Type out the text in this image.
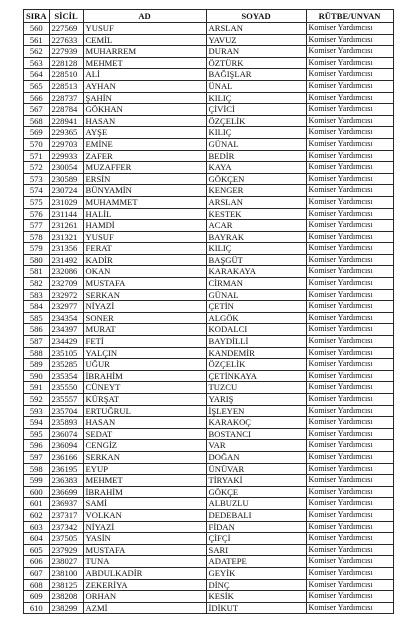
SIRA	SİCİL	AD	SOYAD	RÜTBE/UNVAN
560	227569	YUSUF	ARSLAN	Komiser Yardımcısı
561	227633	CEMİL	YAVUZ	Komiser Yardımcısı
562	227939	MUHARREM	DURAN	Komiser Yardımcısı
563	228128	MEHMET	ÖZTÜRK	Komiser Yardımcısı
564	228510	ALİ	BAĞIŞLAR	Komiser Yardımcısı
565	228513	AYHAN	ÜNAL	Komiser Yardımcısı
566	228737	ŞAHİN	KILIÇ	Komiser Yardımcısı
567	228784	GÖKHAN	ÇİVİCİ	Komiser Yardımcısı
568	228941	HASAN	ÖZÇELİK	Komiser Yardımcısı
569	229365	AYŞE	KILIÇ	Komiser Yardımcısı
570	229703	EMİNE	GÜNAL	Komiser Yardımcısı
571	229933	ZAFER	BEDİR	Komiser Yardımcısı
572	230054	MUZAFFER	KAYA	Komiser Yardımcısı
573	230589	ERSİN	GÖKÇEN	Komiser Yardımcısı
574	230724	BÜNYAMİN	KENGER	Komiser Yardımcısı
575	231029	MUHAMMET	ARSLAN	Komiser Yardımcısı
576	231144	HALİL	KESTEK	Komiser Yardımcısı
577	231261	HAMDİ	ACAR	Komiser Yardımcısı
578	231321	YUSUF	BAYRAK	Komiser Yardımcısı
579	231356	FERAT	KILIÇ	Komiser Yardımcısı
580	231492	KADİR	BAŞGÜT	Komiser Yardımcısı
581	232086	OKAN	KARAKAYA	Komiser Yardımcısı
582	232709	MUSTAFA	CİRMAN	Komiser Yardımcısı
583	232972	SERKAN	GÜNAL	Komiser Yardımcısı
584	232977	NİYAZİ	ÇETİN	Komiser Yardımcısı
585	234354	SONER	ALGÖK	Komiser Yardımcısı
586	234397	MURAT	KODALCI	Komiser Yardımcısı
587	234429	FETİ	BAYDİLLİ	Komiser Yardımcısı
588	235105	YALÇIN	KANDEMİR	Komiser Yardımcısı
589	235285	UĞUR	ÖZÇELİK	Komiser Yardımcısı
590	235354	İBRAHİM	ÇETİNKAYA	Komiser Yardımcısı
591	235550	CÜNEYT	TUZCU	Komiser Yardımcısı
592	235557	KÜRŞAT	YARIŞ	Komiser Yardımcısı
593	235704	ERTUĞRUL	İŞLEYEN	Komiser Yardımcısı
594	235893	HASAN	KARAKOÇ	Komiser Yardımcısı
595	236074	SEDAT	BOSTANCI	Komiser Yardımcısı
596	236094	CENGİZ	VAR	Komiser Yardımcısı
597	236166	SERKAN	DOĞAN	Komiser Yardımcısı
598	236195	EYUP	ÜNÜVAR	Komiser Yardımcısı
599	236383	MEHMET	TİRYAKİ	Komiser Yardımcısı
600	236699	İBRAHİM	GÖKÇE	Komiser Yardımcısı
601	236937	SAMİ	ALBUZLU	Komiser Yardımcısı
602	237317	VOLKAN	DEDEBALI	Komiser Yardımcısı
603	237342	NİYAZİ	FİDAN	Komiser Yardımcısı
604	237505	YASİN	ÇİFÇİ	Komiser Yardımcısı
605	237929	MUSTAFA	SARI	Komiser Yardımcısı
606	238027	TUNA	ADATEPE	Komiser Yardımcısı
607	238100	ABDULKADİR	GEYİK	Komiser Yardımcısı
608	238125	ZEKERİYA	DİNÇ	Komiser Yardımcısı
609	238208	ORHAN	KESİK	Komiser Yardımcısı
610	238299	AZMİ	İDİKUT	Komiser Yardımcısı
